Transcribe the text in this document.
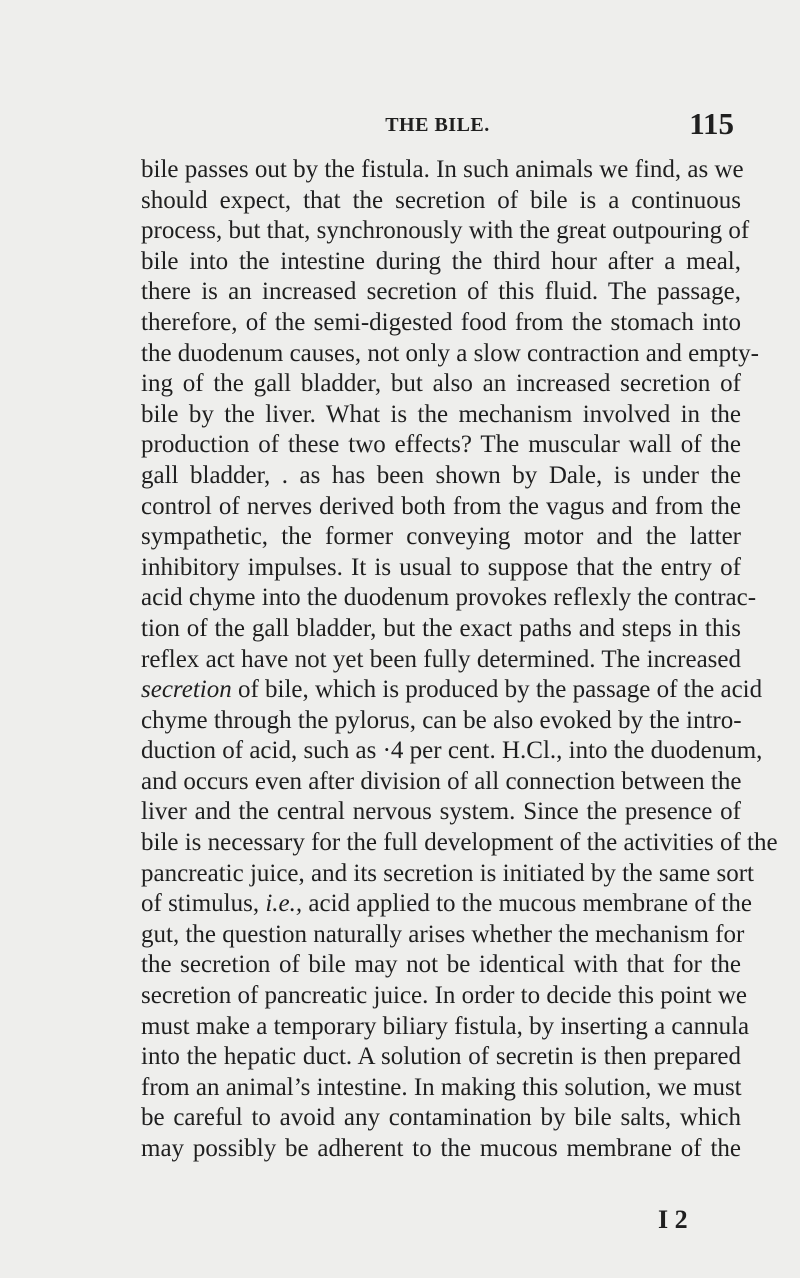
THE BILE.	115
bile passes out by the fistula. In such animals we find, as we
should expect, that the secretion of bile is a continuous
process, but that, synchronously with the great outpouring of
bile into the intestine during the third hour after a meal,
there is an increased secretion of this fluid. The passage,
therefore, of the semi-digested food from the stomach into
the duodenum causes, not only a slow contraction and empty-
ing of the gall bladder, but also an increased secretion of
bile by the liver. What is the mechanism involved in the
production of these two effects? The muscular wall of the
gall bladder, . as has been shown by Dale, is under the
control of nerves derived both from the vagus and from the
sympathetic, the former conveying motor and the latter
inhibitory impulses. It is usual to suppose that the entry of
acid chyme into the duodenum provokes reflexly the contrac-
tion of the gall bladder, but the exact paths and steps in this
reflex act have not yet been fully determined. The increased
secretion of bile, which is produced by the passage of the acid
chyme through the pylorus, can be also evoked by the intro-
duction of acid, such as ·4 per cent. H.Cl., into the duodenum,
and occurs even after division of all connection between the
liver and the central nervous system. Since the presence of
bile is necessary for the full development of the activities of the
pancreatic juice, and its secretion is initiated by the same sort
of stimulus, i.e., acid applied to the mucous membrane of the
gut, the question naturally arises whether the mechanism for
the secretion of bile may not be identical with that for the
secretion of pancreatic juice. In order to decide this point we
must make a temporary biliary fistula, by inserting a cannula
into the hepatic duct. A solution of secretin is then prepared
from an animal’s intestine. In making this solution, we must
be careful to avoid any contamination by bile salts, which
may possibly be adherent to the mucous membrane of the
I 2
